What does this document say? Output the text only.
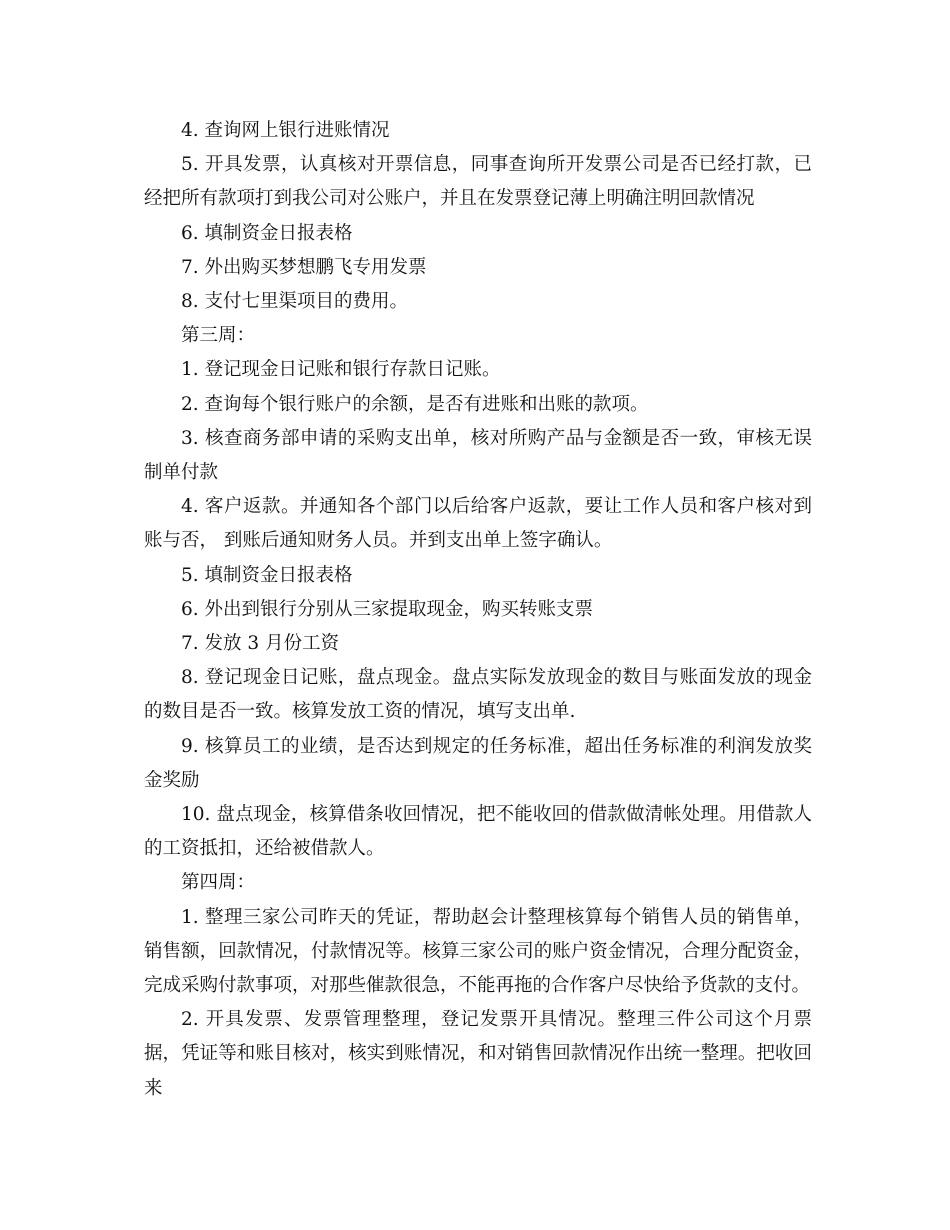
4. 查询网上银行进账情况

5. 开具发票，认真核对开票信息，同事查询所开发票公司是否已经打款，已经把所有款项打到我公司对公账户，并且在发票登记薄上明确注明回款情况

6. 填制资金日报表格

7. 外出购买梦想鹏飞专用发票

8. 支付七里渠项目的费用。

第三周：

1. 登记现金日记账和银行存款日记账。

2. 查询每个银行账户的余额，是否有进账和出账的款项。

3. 核查商务部申请的采购支出单，核对所购产品与金额是否一致，审核无误制单付款

4. 客户返款。并通知各个部门以后给客户返款，要让工作人员和客户核对到账与否， 到账后通知财务人员。并到支出单上签字确认。

5. 填制资金日报表格

6. 外出到银行分别从三家提取现金，购买转账支票

7. 发放 3 月份工资

8. 登记现金日记账，盘点现金。盘点实际发放现金的数目与账面发放的现金的数目是否一致。核算发放工资的情况，填写支出单.

9. 核算员工的业绩，是否达到规定的任务标准，超出任务标准的利润发放奖金奖励

10. 盘点现金，核算借条收回情况，把不能收回的借款做清帐处理。用借款人的工资抵扣，还给被借款人。

第四周：

1. 整理三家公司昨天的凭证，帮助赵会计整理核算每个销售人员的销售单，销售额，回款情况，付款情况等。核算三家公司的账户资金情况，合理分配资金，完成采购付款事项，对那些催款很急，不能再拖的合作客户尽快给予货款的支付。

2. 开具发票、发票管理整理，登记发票开具情况。整理三件公司这个月票据，凭证等和账目核对，核实到账情况，和对销售回款情况作出统一整理。把收回来
